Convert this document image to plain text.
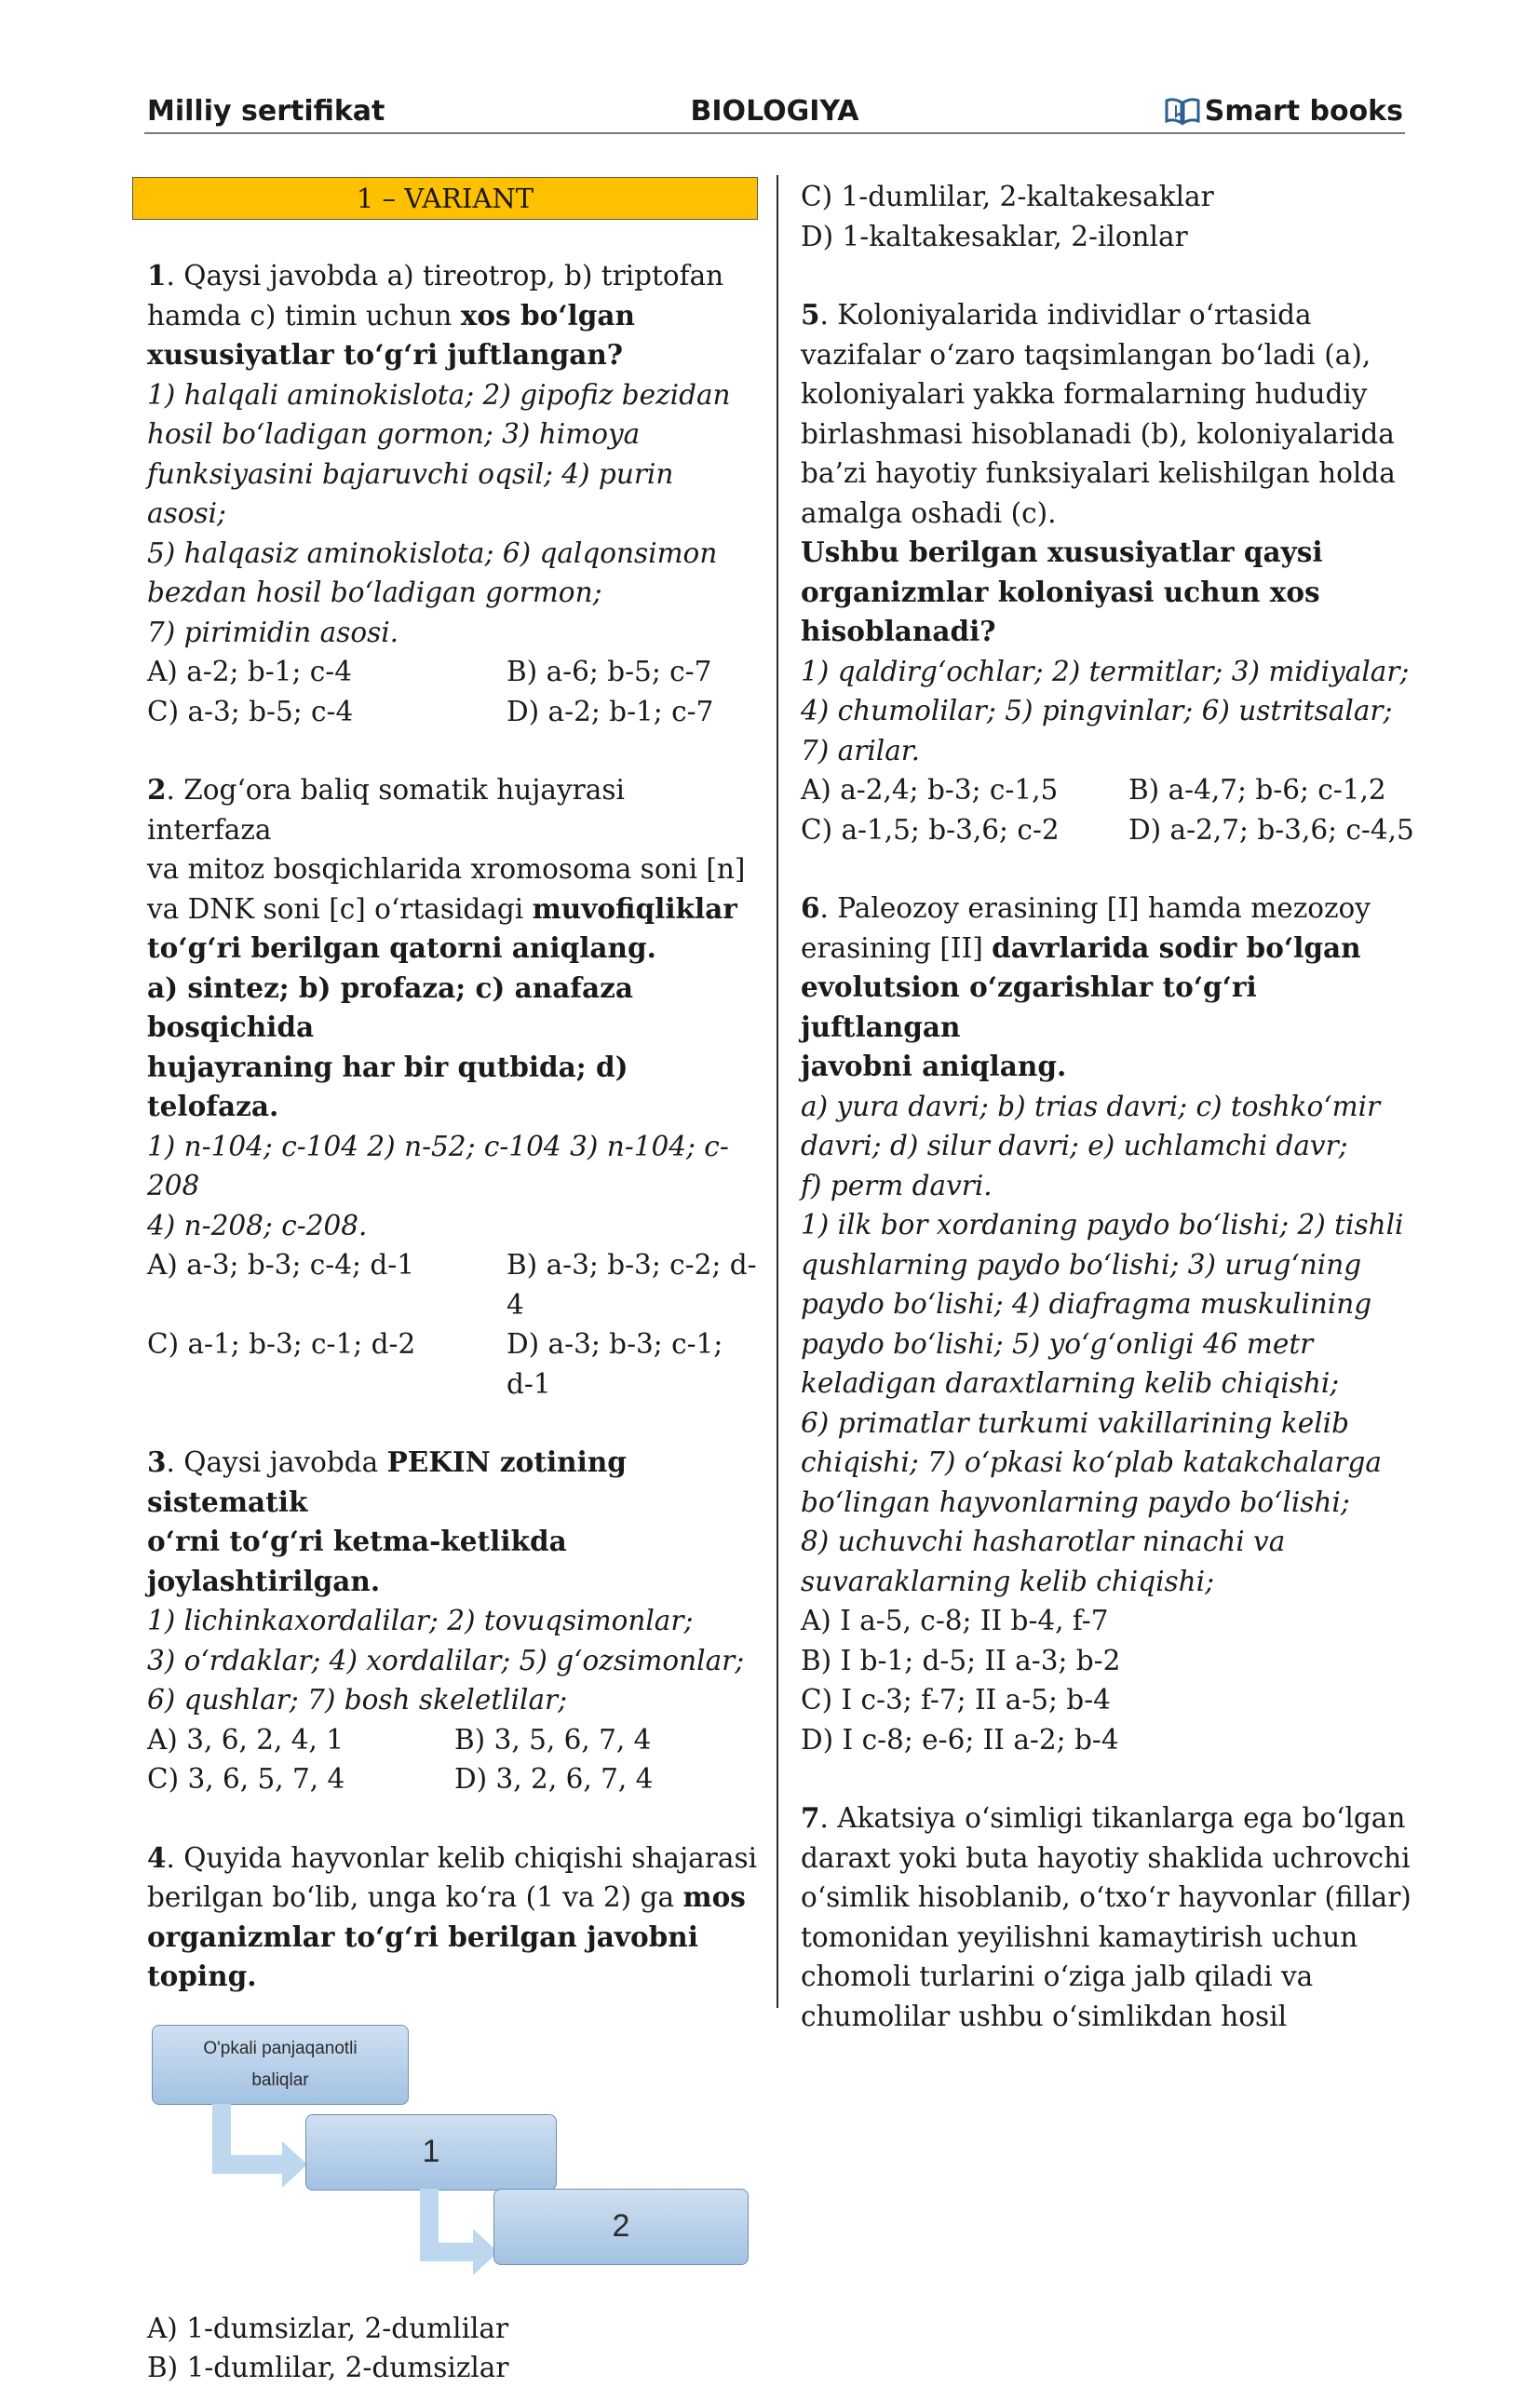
Milliy sertifikat	BIOLOGIYA	Smart books
1 – VARIANT

1. Qaysi javobda a) tireotrop, b) triptofan

hamda c) timin uchun xos bo‘lgan

xususiyatlar to‘g‘ri juftlangan?

1) halqali aminokislota; 2) gipofiz bezidan

hosil bo‘ladigan gormon; 3) himoya

funksiyasini bajaruvchi oqsil; 4) purin asosi;

5) halqasiz aminokislota; 6) qalqonsimon

bezdan hosil bo‘ladigan gormon;

7) pirimidin asosi.

A) a-2; b-1; c-4	B) a-6; b-5; c-7
C) a-3; b-5; c-4	D) a-2; b-1; c-7

2. Zog‘ora baliq somatik hujayrasi interfaza

va mitoz bosqichlarida xromosoma soni [n]

va DNK soni [c] o‘rtasidagi muvofiqliklar

to‘g‘ri berilgan qatorni aniqlang.

a) sintez; b) profaza; c) anafaza bosqichida

hujayraning har bir qutbida; d) telofaza.

1) n-104; c-104 2) n-52; c-104 3) n-104; c-208

4) n-208; c-208.

A) a-3; b-3; c-4; d-1	B) a-3; b-3; c-2; d-4
C) a-1; b-3; c-1; d-2	D) a-3; b-3; c-1; d-1

3. Qaysi javobda PEKIN zotining sistematik

o‘rni to‘g‘ri ketma-ketlikda joylashtirilgan.

1) lichinkaxordalilar; 2) tovuqsimonlar;

3) o‘rdaklar; 4) xordalilar; 5) g‘ozsimonlar;

6) qushlar; 7) bosh skeletlilar;

A) 3, 6, 2, 4, 1	B) 3, 5, 6, 7, 4
C) 3, 6, 5, 7, 4	D) 3, 2, 6, 7, 4

4. Quyida hayvonlar kelib chiqishi shajarasi

berilgan bo‘lib, unga ko‘ra (1 va 2) ga mos

organizmlar to‘g‘ri berilgan javobni toping.

O'pkali panjaqanotli
baliqlar
1
2

A) 1-dumsizlar, 2-dumlilar

B) 1-dumlilar, 2-dumsizlar

C) 1-dumlilar, 2-kaltakesaklar

D) 1-kaltakesaklar, 2-ilonlar

5. Koloniyalarida individlar o‘rtasida

vazifalar o‘zaro taqsimlangan bo‘ladi (a),

koloniyalari yakka formalarning hududiy

birlashmasi hisoblanadi (b), koloniyalarida

ba’zi hayotiy funksiyalari kelishilgan holda

amalga oshadi (c).

Ushbu berilgan xususiyatlar qaysi

organizmlar koloniyasi uchun xos

hisoblanadi?

1) qaldirg‘ochlar; 2) termitlar; 3) midiyalar;

4) chumolilar; 5) pingvinlar; 6) ustritsalar;

7) arilar.

A) a-2,4; b-3; c-1,5	B) a-4,7; b-6; c-1,2
C) a-1,5; b-3,6; c-2	D) a-2,7; b-3,6; c-4,5

6. Paleozoy erasining [I] hamda mezozoy

erasining [II] davrlarida sodir bo‘lgan

evolutsion o‘zgarishlar to‘g‘ri juftlangan

javobni aniqlang.

a) yura davri; b) trias davri; c) toshko‘mir

davri; d) silur davri; e) uchlamchi davr;

f) perm davri.

1) ilk bor xordaning paydo bo‘lishi; 2) tishli

qushlarning paydo bo‘lishi; 3) urug‘ning

paydo bo‘lishi; 4) diafragma muskulining

paydo bo‘lishi; 5) yo‘g‘onligi 46 metr

keladigan daraxtlarning kelib chiqishi;

6) primatlar turkumi vakillarining kelib

chiqishi; 7) o‘pkasi ko‘plab katakchalarga

bo‘lingan hayvonlarning paydo bo‘lishi;

8) uchuvchi hasharotlar ninachi va

suvaraklarning kelib chiqishi;

A) I a-5, c-8; II b-4, f-7

B) I b-1; d-5; II a-3; b-2

C) I c-3; f-7; II a-5; b-4

D) I c-8; e-6; II a-2; b-4

7. Akatsiya o‘simligi tikanlarga ega bo‘lgan

daraxt yoki buta hayotiy shaklida uchrovchi

o‘simlik hisoblanib, o‘txo‘r hayvonlar (fillar)

tomonidan yeyilishni kamaytirish uchun

chomoli turlarini o‘ziga jalb qiladi va

chumolilar ushbu o‘simlikdan hosil
